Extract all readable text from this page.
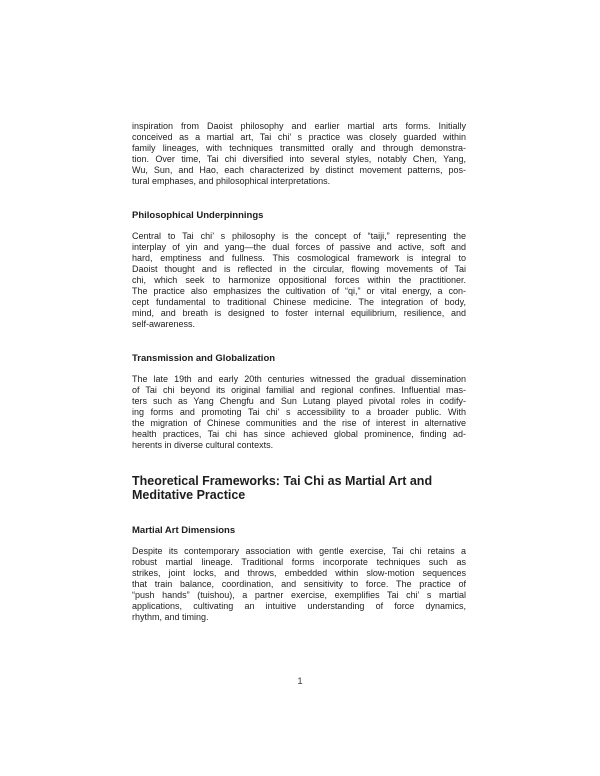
inspiration from Daoist philosophy and earlier martial arts forms. Initially
conceived as a martial art, Tai chi’ s practice was closely guarded within
family lineages, with techniques transmitted orally and through demonstra-
tion. Over time, Tai chi diversified into several styles, notably Chen, Yang,
Wu, Sun, and Hao, each characterized by distinct movement patterns, pos-
tural emphases, and philosophical interpretations.
Philosophical Underpinnings
Central to Tai chi’ s philosophy is the concept of “taiji,” representing the
interplay of yin and yang—the dual forces of passive and active, soft and
hard, emptiness and fullness. This cosmological framework is integral to
Daoist thought and is reflected in the circular, flowing movements of Tai
chi, which seek to harmonize oppositional forces within the practitioner.
The practice also emphasizes the cultivation of “qi,” or vital energy, a con-
cept fundamental to traditional Chinese medicine. The integration of body,
mind, and breath is designed to foster internal equilibrium, resilience, and
self-awareness.
Transmission and Globalization
The late 19th and early 20th centuries witnessed the gradual dissemination
of Tai chi beyond its original familial and regional confines. Influential mas-
ters such as Yang Chengfu and Sun Lutang played pivotal roles in codify-
ing forms and promoting Tai chi’ s accessibility to a broader public. With
the migration of Chinese communities and the rise of interest in alternative
health practices, Tai chi has since achieved global prominence, finding ad-
herents in diverse cultural contexts.
Theoretical Frameworks: Tai Chi as Martial Art and Meditative Practice
Martial Art Dimensions
Despite its contemporary association with gentle exercise, Tai chi retains a
robust martial lineage. Traditional forms incorporate techniques such as
strikes, joint locks, and throws, embedded within slow-motion sequences
that train balance, coordination, and sensitivity to force. The practice of
“push hands” (tuishou), a partner exercise, exemplifies Tai chi’ s martial
applications, cultivating an intuitive understanding of force dynamics,
rhythm, and timing.
1
